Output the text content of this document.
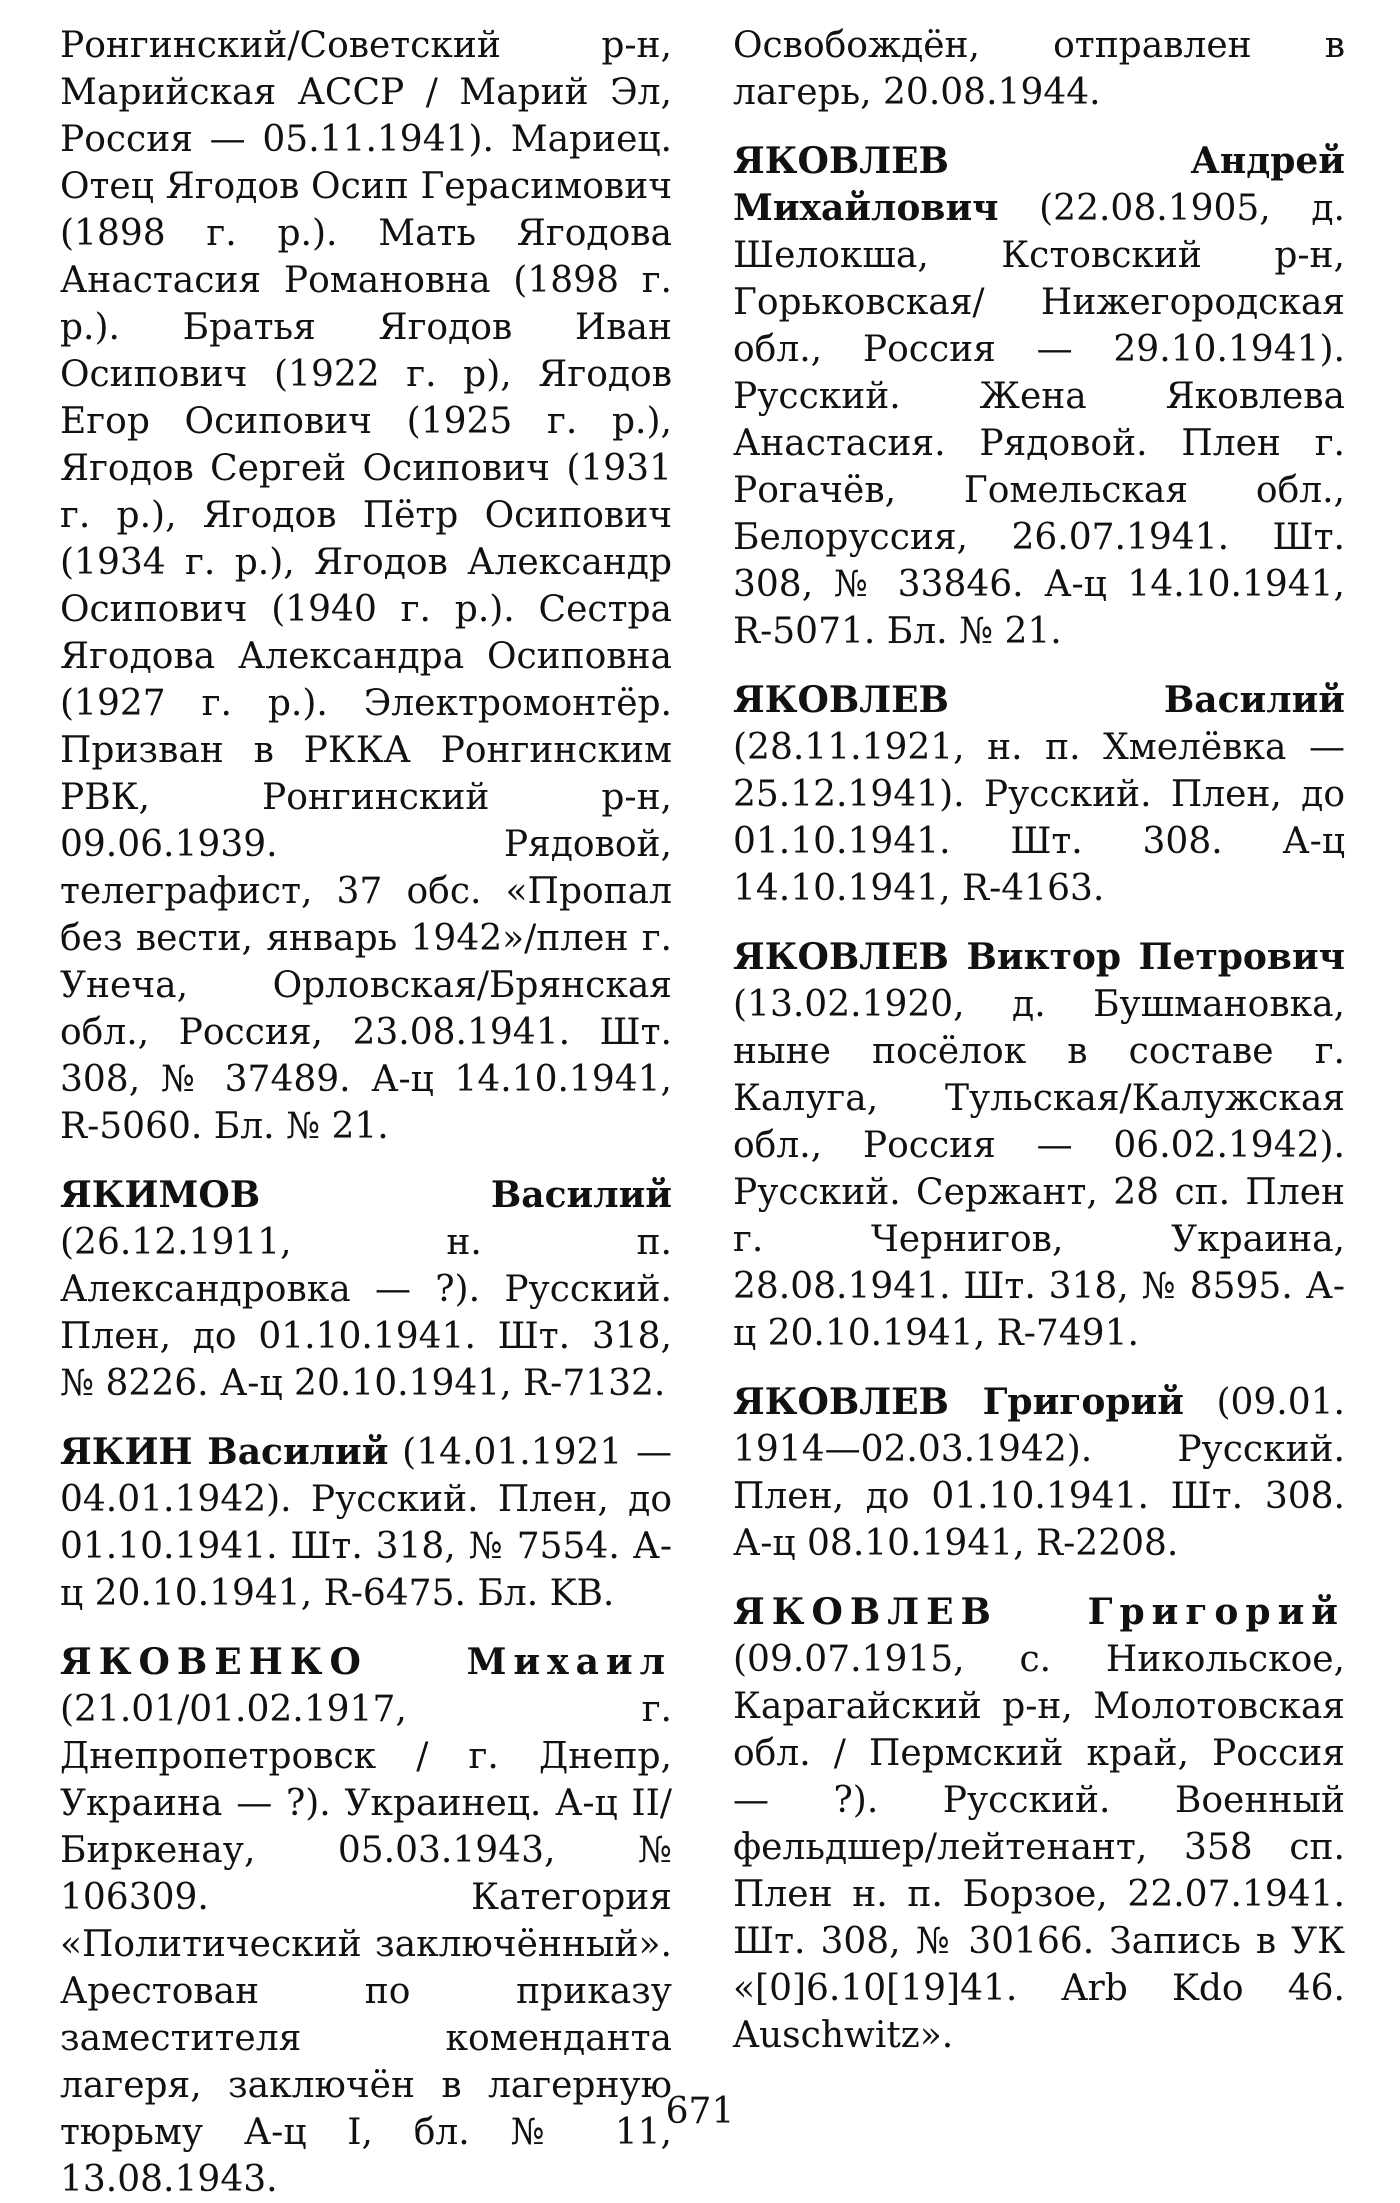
Ронгинский/Советский р-н, Марийская АССР / Марий Эл, Россия — 05.11.1941). Мариец. Отец Ягодов Осип Герасимович (1898 г. р.). Мать Ягодова Анастасия Романовна (1898 г. р.). Братья Ягодов Иван Осипович (1922 г. р), Ягодов Егор Осипович (1925 г. р.), Ягодов Сергей Осипович (1931 г. р.), Ягодов Пётр Осипович (1934 г. р.), Ягодов Александр Осипович (1940 г. р.). Сестра Ягодова Александра Осиповна (1927 г. р.). Электромонтёр. Призван в РККА Ронгинским РВК, Ронгинский р-н, 09.06.1939. Рядовой, телеграфист, 37 обс. «Пропал без вести, январь 1942»/плен г. Унеча, Орловская/Брянская обл., Россия, 23.08.1941. Шт. 308, № 37489. А-ц 14.10.1941, R-5060. Бл. № 21.

ЯКИМОВ Василий (26.12.1911, н. п. Александровка — ?). Русский. Плен, до 01.10.1941. Шт. 318, № 8226. А-ц 20.10.1941, R-7132.

ЯКИН Василий (14.01.1921 — 04.01.1942). Русский. Плен, до 01.10.1941. Шт. 318, № 7554. А-ц 20.10.1941, R-6475. Бл. KB.

ЯКОВЕНКО Михаил (21.01/01.02.1917, г. Днепропетровск / г. Днепр, Украина — ?). Украинец. А-ц II/Биркенау, 05.03.1943, № 106309. Категория «Политический заключённый». Арестован по приказу заместителя коменданта лагеря, заключён в лагерную тюрьму А-ц I, бл. № 11, 13.08.1943.

Освобождён, отправлен в лагерь, 20.08.1944.

ЯКОВЛЕВ Андрей Михайлович (22.08.1905, д. Шелокша, Кстовский р-н, Горьковская/ Нижегородская обл., Россия — 29.10.1941). Русский. Жена Яковлева Анастасия. Рядовой. Плен г. Рогачёв, Гомельская обл., Белоруссия, 26.07.1941. Шт. 308, № 33846. А-ц 14.10.1941, R-5071. Бл. № 21.

ЯКОВЛЕВ Василий (28.11.1921, н. п. Хмелёвка — 25.12.1941). Русский. Плен, до 01.10.1941. Шт. 308. А-ц 14.10.1941, R-4163.

ЯКОВЛЕВ Виктор Петрович (13.02.1920, д. Бушмановка, ныне посёлок в составе г. Калуга, Тульская/Калужская обл., Россия — 06.02.1942). Русский. Сержант, 28 сп. Плен г. Чернигов, Украина, 28.08.1941. Шт. 318, № 8595. А-ц 20.10.1941, R-7491.

ЯКОВЛЕВ Григорий (09.01. 1914—02.03.1942). Русский. Плен, до 01.10.1941. Шт. 308. А-ц 08.10.1941, R-2208.

ЯКОВЛЕВ Григорий (09.07.1915, с. Никольское, Карагайский р-н, Молотовская обл. / Пермский край, Россия — ?). Русский. Военный фельдшер/лейтенант, 358 сп. Плен н. п. Борзое, 22.07.1941. Шт. 308, № 30166. Запись в УК «[0]6.10[19]41. Arb Kdo 46. Auschwitz».

671
